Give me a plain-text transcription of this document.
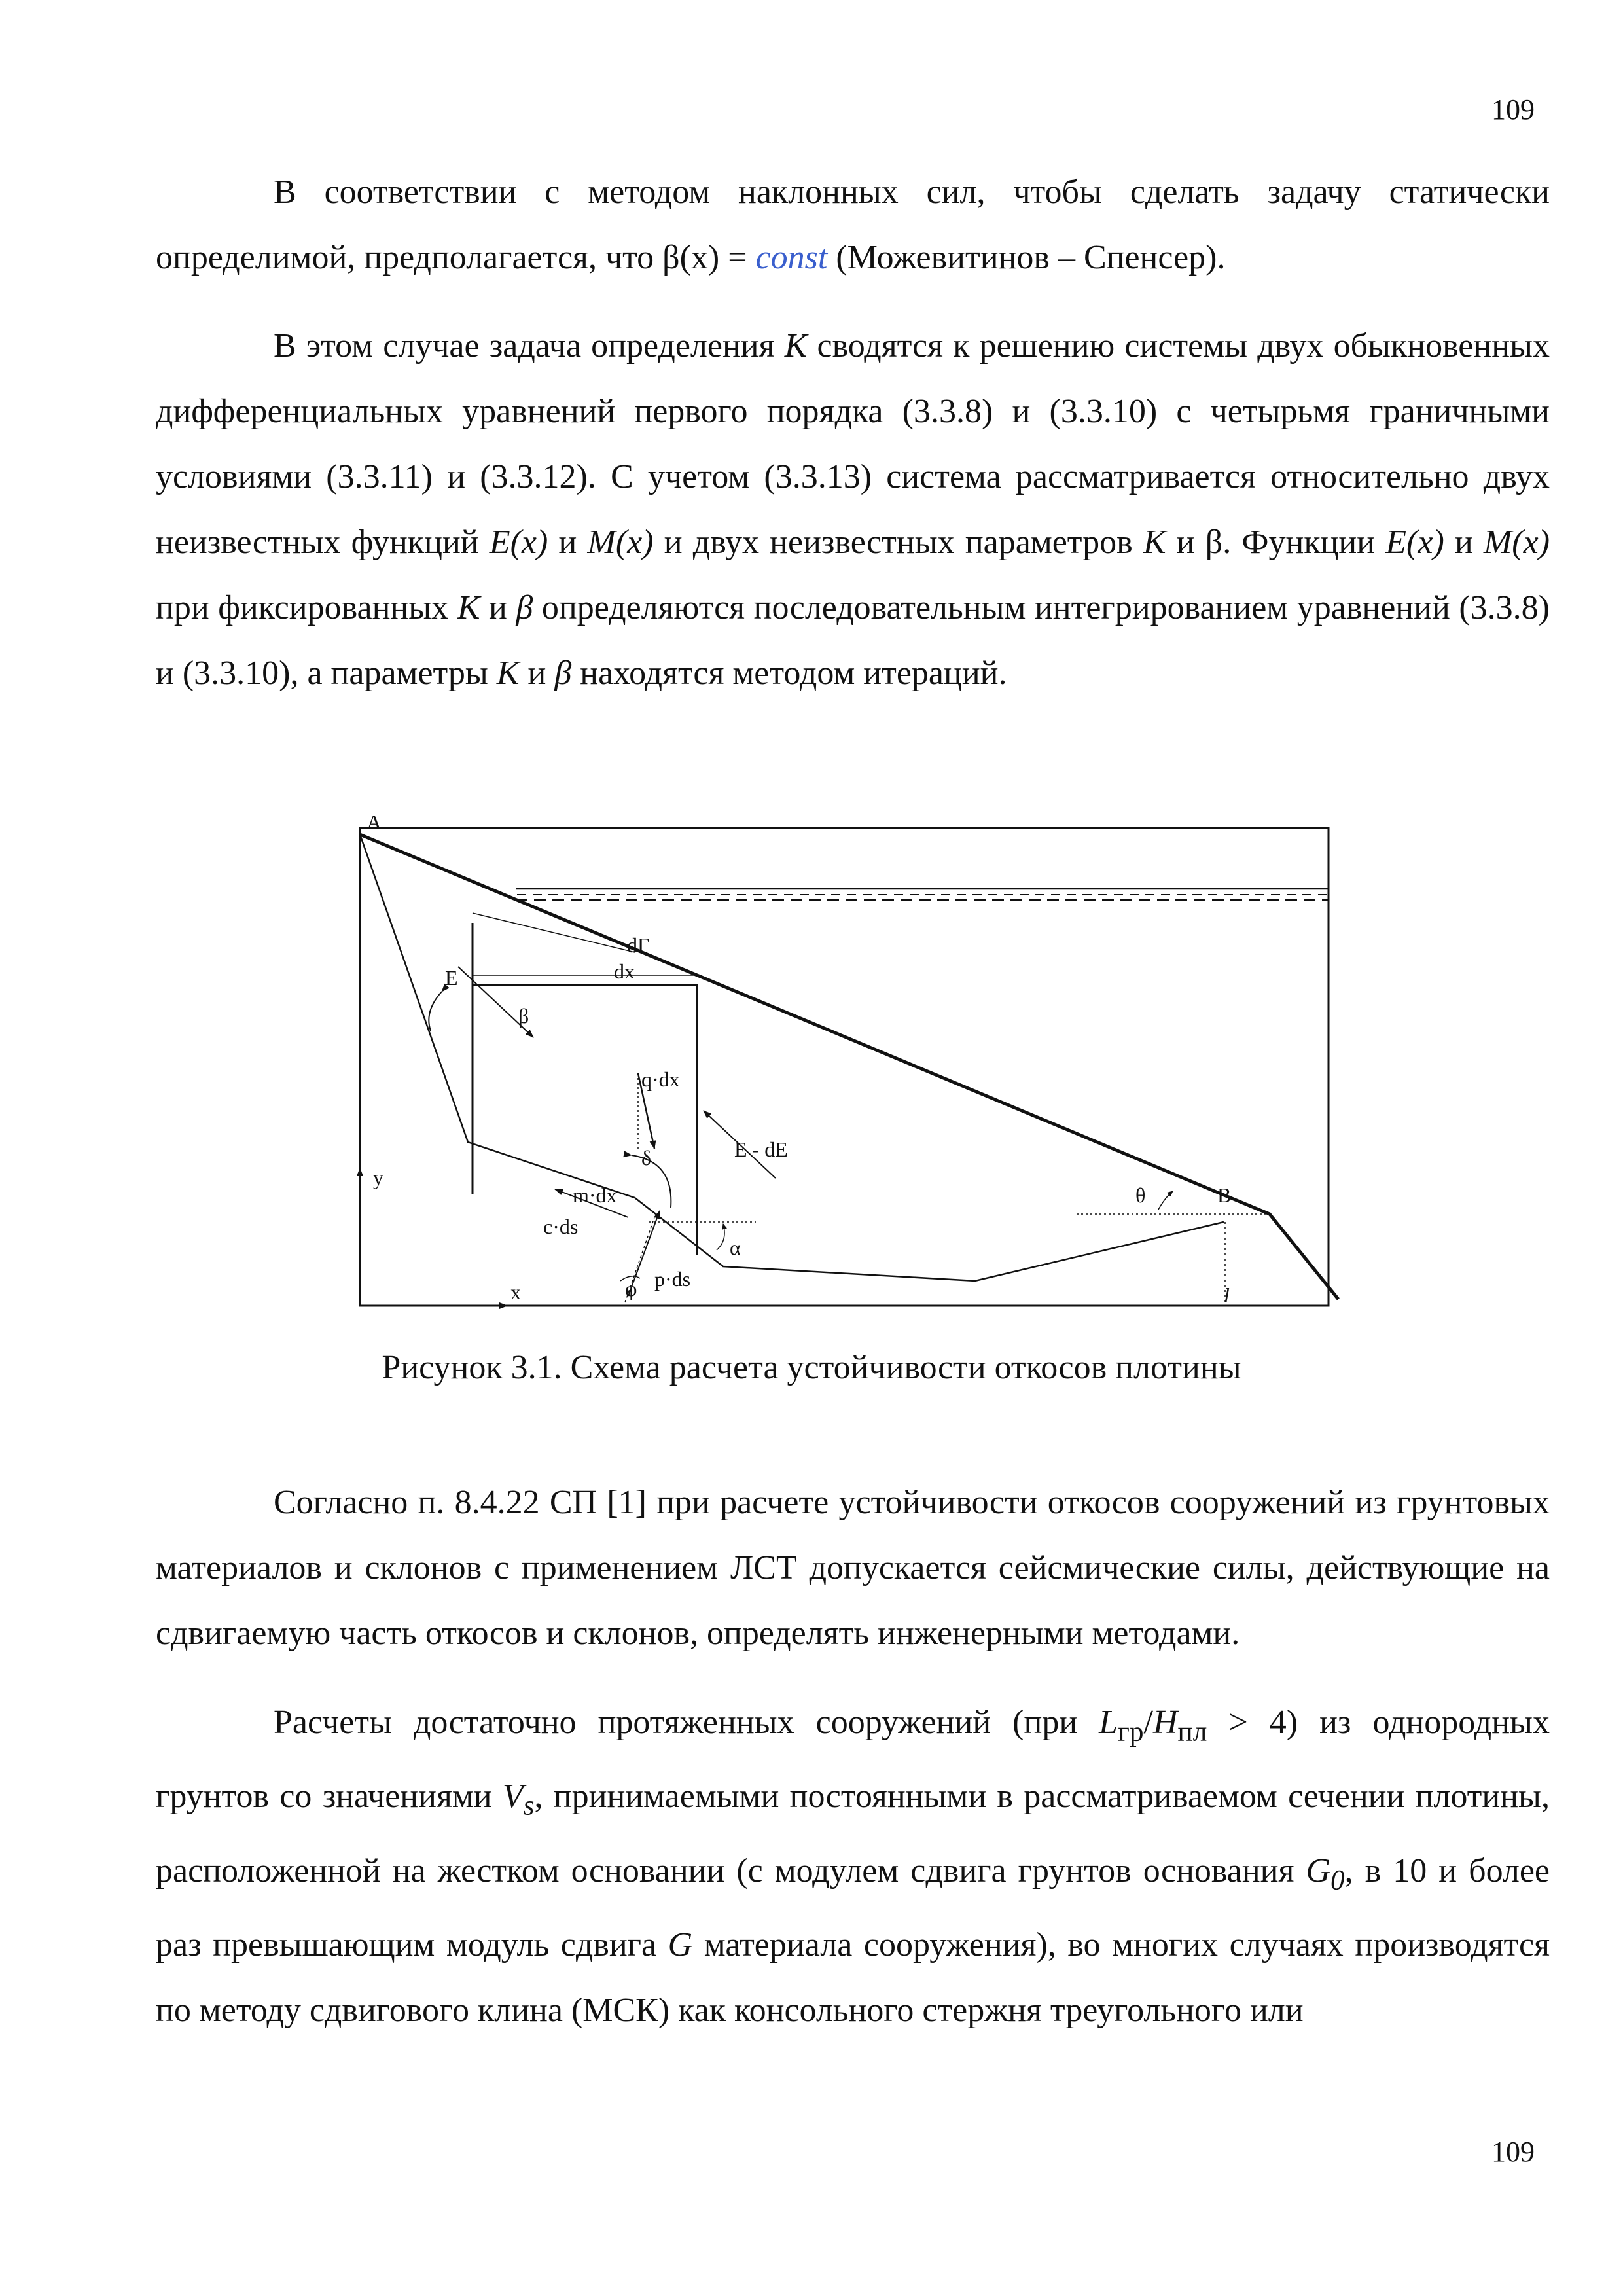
109

В соответствии с методом наклонных сил, чтобы сделать задачу статически определимой, предполагается, что β(x) = const (Можевитинов – Спенсер).

В этом случае задача определения K сводятся к решению системы двух обыкновенных дифференциальных уравнений первого порядка (3.3.8) и (3.3.10) с четырьмя граничными условиями (3.3.11) и (3.3.12). С учетом (3.3.13) система рассматривается относительно двух неизвестных функций E(x) и M(x) и двух неизвестных параметров K и β. Функции E(x) и M(x) при фиксированных K и β определяются последовательным интегрированием уравнений (3.3.8) и (3.3.10), а параметры K и β находятся методом итераций.

A
dГ
dx
E
β
q·dx
δ	E - dE
y
m·dx	θ	B
c·ds
α
x	φ p·ds
l

Рисунок 3.1. Схема расчета устойчивости откосов плотины

Согласно п. 8.4.22 СП [1] при расчете устойчивости откосов сооружений из грунтовых материалов и склонов с применением ЛСТ допускается сейсмические силы, действующие на сдвигаемую часть откосов и склонов, определять инженерными методами.

Расчеты достаточно протяженных сооружений (при $L_{гр}/H_{пл} > 4$) из однородных грунтов со значениями $V_s$, принимаемыми постоянными в рассматриваемом сечении плотины, расположенной на жестком основании (с модулем сдвига грунтов основания $G_0$, в 10 и более раз превышающим модуль сдвига G материала сооружения), во многих случаях производятся по методу сдвигового клина (МСК) как консольного стержня треугольного или

109
